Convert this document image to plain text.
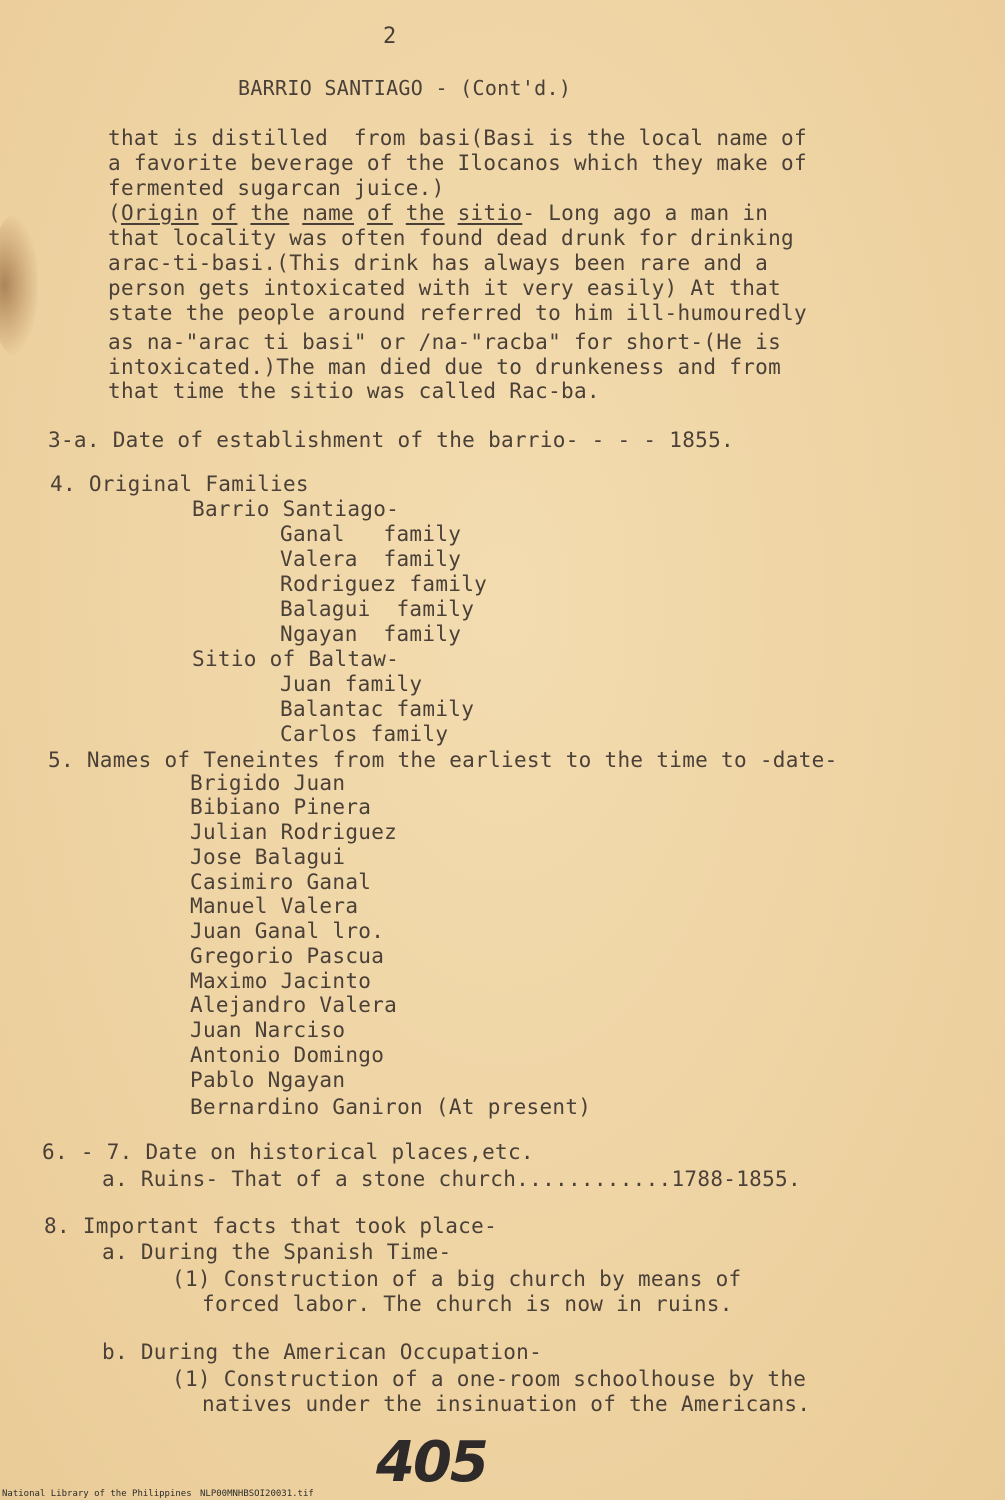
2
BARRIO SANTIAGO - (Cont'd.)
that is distilled  from basi(Basi is the local name of
a favorite beverage of the Ilocanos which they make of
fermented sugarcan juice.)
(Origin of the name of the sitio- Long ago a man in
that locality was often found dead drunk for drinking
arac-ti-basi.(This drink has always been rare and a
person gets intoxicated with it very easily) At that
state the people around referred to him ill-humouredly
as na-"arac ti basi" or /na-"racba" for short-(He is
intoxicated.)The man died due to drunkeness and from
that time the sitio was called Rac-ba.
3-a. Date of establishment of the barrio- - - - 1855.
4. Original Families
Barrio Santiago-
Ganal   family
Valera  family
Rodriguez family
Balagui  family
Ngayan  family
Sitio of Baltaw-
Juan family
Balantac family
Carlos family
5. Names of Teneintes from the earliest to the time to -date-
Brigido Juan
Bibiano Pinera
Julian Rodriguez
Jose Balagui
Casimiro Ganal
Manuel Valera
Juan Ganal lro.
Gregorio Pascua
Maximo Jacinto
Alejandro Valera
Juan Narciso
Antonio Domingo
Pablo Ngayan
Bernardino Ganiron (At present)
6. - 7. Date on historical places,etc.
a. Ruins- That of a stone church............1788-1855.
8. Important facts that took place-
a. During the Spanish Time-
(1) Construction of a big church by means of
forced labor. The church is now in ruins.
b. During the American Occupation-
(1) Construction of a one-room schoolhouse by the
natives under the insinuation of the Americans.
405
National Library of the Philippines NLP00MNHBSOI20031.tif
